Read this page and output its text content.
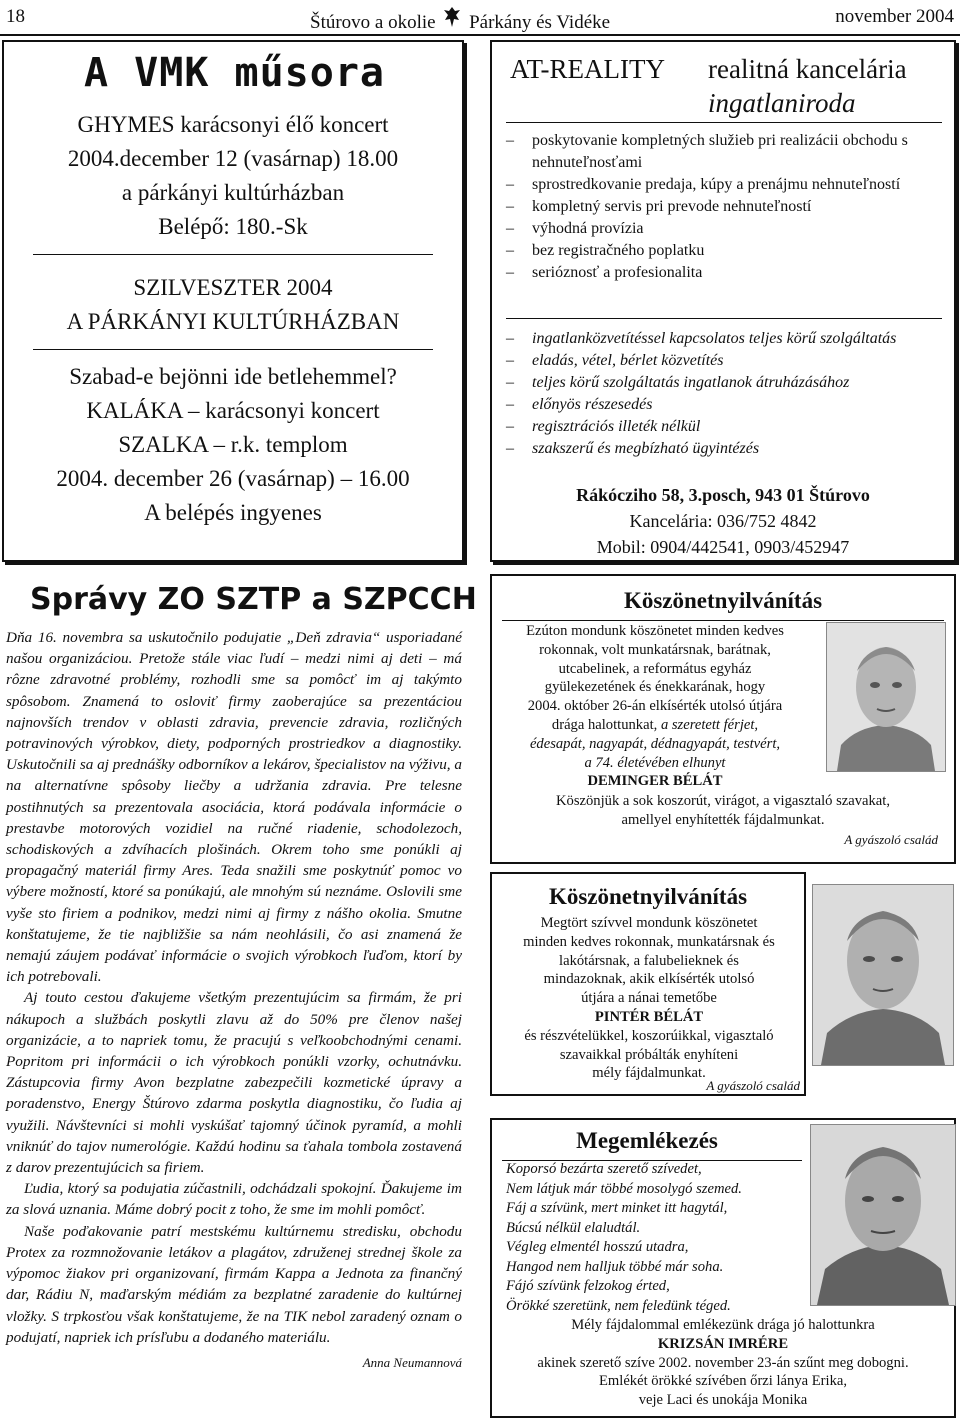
18	Štúrovo a okolie Párkány és Vidéke	november 2004
A VMK műsora
GHYMES karácsonyi élő koncert
2004.december 12 (vasárnap) 18.00
a párkányi kultúrházban
Belépő: 180.-Sk
SZILVESZTER 2004
A PÁRKÁNYI KULTÚRHÁZBAN
Szabad-e bejönni ide betlehemmel?
KALÁKA – karácsonyi koncert
SZALKA – r.k. templom
2004. december 26 (vasárnap) – 16.00
A belépés ingyenes
Správy ZO SZTP a SZPCCH

Dňa 16. novembra sa uskutočnilo podujatie „Deň zdravia“ usporiadané našou organizáciou. Pretože stále viac ľudí – medzi nimi aj deti – má rôzne zdravotné problémy, rozhodli sme sa pomôcť im aj takýmto spôsobom. Znamená to osloviť firmy zaoberajúce sa prezentáciou najnovších trendov v oblasti zdravia, prevencie zdravia, rozličných potravinových výrobkov, diety, podporných prostriedkov a diagnostiky. Uskutočnili sa aj prednášky odborníkov a lekárov, špecialistov na výživu, a na alternatívne spôsoby liečby a udržania zdravia. Pre telesne postihnutých sa prezentovala asociácia, ktorá podávala informácie o prestavbe motorových vozidiel na ručné riadenie, schodolezoch, schodiskových a zdvíhacích plošinách. Okrem toho sme ponúkli aj propagačný materiál firmy Ares. Teda snažili sme poskytnúť pomoc vo výbere možností, ktoré sa ponúkajú, ale mnohým sú neznáme. Oslovili sme vyše sto firiem a podnikov, medzi nimi aj firmy z nášho okolia. Smutne konštatujeme, že tie najbližšie sa nám neohlásili, čo asi znamená že nemajú záujem podávať informácie o svojich výrobkoch ľuďom, ktorí by ich potrebovali.

Aj touto cestou ďakujeme všetkým prezentujúcim sa firmám, že pri nákupoch a službách poskytli zlavu až do 50% pre členov našej organizácie, a to napriek tomu, že pracujú s veľkoobchodnými cenami. Popritom pri informácii o ich výrobkoch ponúkli vzorky, ochutnávku. Zástupcovia firmy Avon bezplatne zabezpečili kozmetické úpravy a poradenstvo, Energy Štúrovo zdarma poskytla diagnostiku, čo ľudia aj využili. Návštevníci si mohli vyskúšať tajomný účinok pyramíd, a mohli vniknúť do tajov numerológie. Každú hodinu sa ťahala tombola zostavená z darov prezentujúcich sa firiem.

Ľudia, ktorý sa podujatia zúčastnili, odchádzali spokojní. Ďakujeme im za slová uznania. Máme dobrý pocit z toho, že sme im mohli pomôcť.

Naše poďakovanie patrí mestskému kultúrnemu stredisku, obchodu Protex za rozmnožovanie letákov a plagátov, združenej strednej škole za výpomoc žiakov pri organizovaní, firmám Kappa a Jednota za finančný dar, Rádiu N, maďarským médiám za bezplatné zaradenie do kultúrnej vložky. S trpkosťou však konštatujeme, že na TIK nebol zaradený oznam o podujatí, napriek ich prísľubu a dodaného materiálu.

Anna Neumannová
AT-REALITY realitná kancelária
ingatlaniroda
– poskytovanie kompletných služieb pri realizácii obchodu s nehnuteľnosťami
– sprostredkovanie predaja, kúpy a prenájmu nehnuteľností
– kompletný servis pri prevode nehnuteľností
– výhodná provízia
– bez registračného poplatku
– serióznosť a profesionalita
– ingatlanközvetítéssel kapcsolatos teljes körű szolgáltatás
– eladás, vétel, bérlet közvetítés
– teljes körű szolgáltatás ingatlanok átruházásához
– előnyös részesedés
– regisztrációs illeték nélkül
– szakszerű és megbízható ügyintézés
Rákócziho 58, 3.posch, 943 01 Štúrovo
Kancelária: 036/752 4842
Mobil: 0904/442541, 0903/452947
Köszönetnyilvánítás
Ezúton mondunk köszönetet minden kedves
rokonnak, volt munkatársnak, barátnak,
utcabelinek, a református egyház
gyülekezetének és énekkarának, hogy
2004. október 26-án elkísérték utolsó útjára
drága halottunkat, a szeretett férjet,
édesapát, nagyapát, dédnagyapát, testvért,
a 74. életévében elhunyt
DEMINGER BÉLÁT
Köszönjük a sok koszorút, virágot, a vigasztaló szavakat,
amellyel enyhítették fájdalmunkat.
A gyászoló család
Köszönetnyilvánítás
Megtört szívvel mondunk köszönetet
minden kedves rokonnak, munkatársnak és
lakótársnak, a falubelieknek és
mindazoknak, akik elkísérték utolsó
útjára a nánai temetőbe
PINTÉR BÉLÁT
és részvételükkel, koszorúikkal, vigasztaló
szavaikkal próbálták enyhíteni
mély fájdalmunkat.
A gyászoló család
Megemlékezés
Koporsó bezárta szerető szívedet,
Nem látjuk már többé mosolygó szemed.
Fáj a szívünk, mert minket itt hagytál,
Búcsú nélkül elaludtál.
Végleg elmentél hosszú utadra,
Hangod nem halljuk többé már soha.
Fájó szívünk felzokog érted,
Örökké szeretünk, nem feledünk téged.
Mély fájdalommal emlékezünk drága jó halottunkra
KRIZSÁN IMRÉRE
akinek szerető szíve 2002. november 23-án szűnt meg dobogni.
Emlékét örökké szívében őrzi lánya Erika,
veje Laci és unokája Monika
